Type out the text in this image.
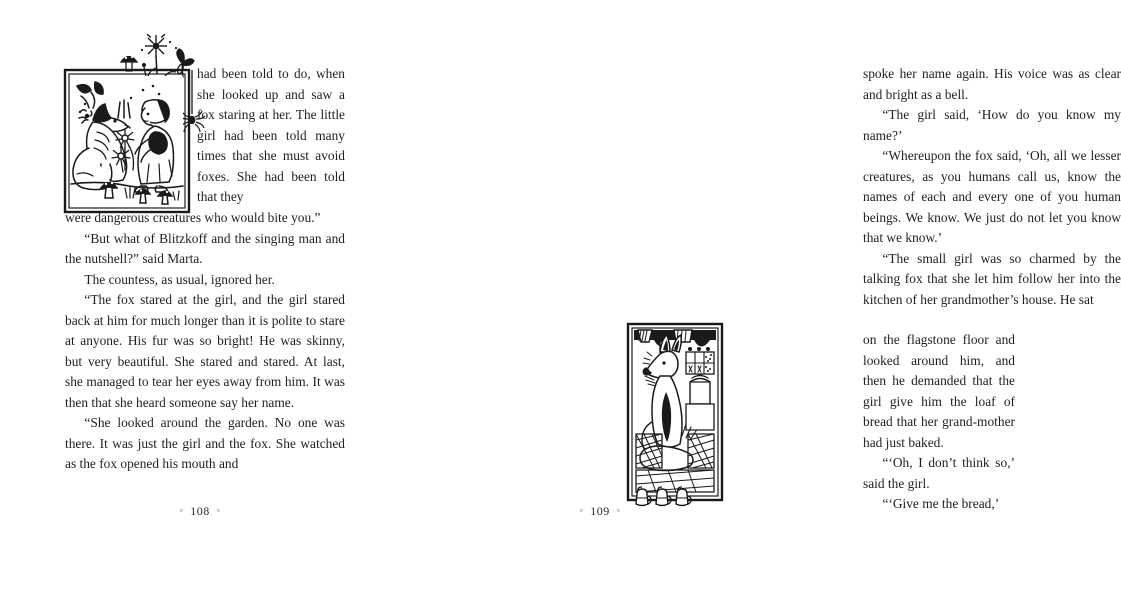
had been told to do, when she looked up and saw a fox staring at her. The little girl had been told many times that she must avoid foxes. She had been told that they

were dangerous creatures who would bite you.”

“But what of Blitzkoff and the singing man and the nutshell?” said Marta.

The countess, as usual, ignored her.

“The fox stared at the girl, and the girl stared back at him for much longer than it is polite to stare at anyone. His fur was so bright! He was skinny, but very beautiful. She stared and stared. At last, she managed to tear her eyes away from him. It was then that she heard someone say her name.

“She looked around the garden. No one was there. It was just the girl and the fox. She watched as the fox opened his mouth and

▫ 108 ▫

spoke her name again. His voice was as clear and bright as a bell.

“The girl said, ‘How do you know my name?’

“Whereupon the fox said, ‘Oh, all we lesser creatures, as you humans call us, know the names of each and every one of you human beings. We know. We just do not let you know that we know.’

“The small girl was so charmed by the talking fox that she let him follow her into the kitchen of her grandmother’s house. He sat

on the flagstone floor and looked around him, and then he demanded that the girl give him the loaf of bread that her grand-mother had just baked.

“‘Oh, I don’t think so,’ said the girl.

“‘Give me the bread,’

▫ 109 ▫
